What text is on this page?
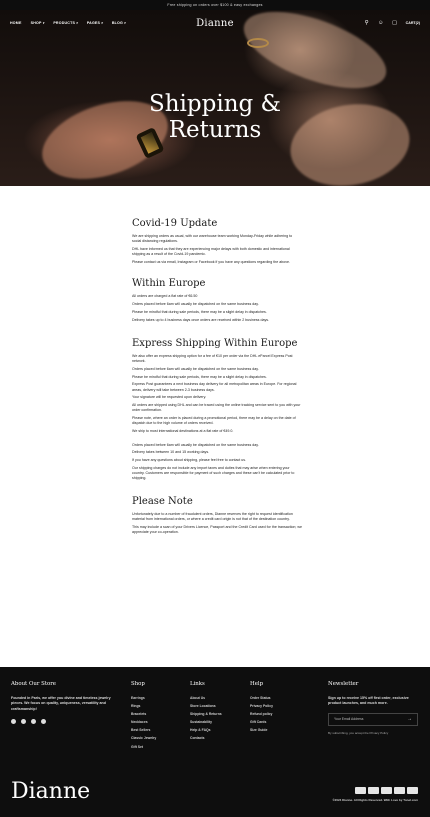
Free shipping on orders over $100 & easy exchanges
HOME	SHOP ▾	PRODUCTS ▾	PAGES ▾	BLOG ▾	Dianne	⚲ ☺ ▢ CART(2)
Shipping &
Returns
Covid-19 Update

We are shipping orders as usual, with our warehouse team working Monday-Friday while adhering to social distancing regulations.

DHL have informed us that they are experiencing major delays with both domestic and international shipping as a result of the Covid-19 pandemic.

Please contact us via email, Instagram or Facebook if you have any questions regarding the above.

Within Europe

All orders are charged a flat rate of €6.50

Orders placed before 6am will usually be dispatched on the same business day.

Please be mindful that during sale periods, there may be a slight delay in dispatches.

Delivery takes up to 4 business days once orders are received within 2 business days.

Express Shipping Within Europe

We also offer an express shipping option for a fee of €10 per order via the DHL eParcel Express Post network.

Orders placed before 6am will usually be dispatched on the same business day.

Please be mindful that during sale periods, there may be a slight delay in dispatches.

Express Post guarantees a next business day delivery for all metropolitan areas in Europe. For regional areas, delivery will take between 2-3 business days.

Your signature will be requested upon delivery.

All orders are shipped using DHL and can be traced using the online tracking service sent to you with your order confirmation.

Please note, where an order is placed during a promotional period, there may be a delay on the date of dispatch due to the high volume of orders received.

We ship to most international destinations at a flat rate of €49.0.

Orders placed before 6am will usually be dispatched on the same business day.

Delivery takes between 10 and 15 working days.

If you have any questions about shipping, please feel free to contact us.

Our shipping charges do not include any import taxes and duties that may arise when entering your country. Customers are responsible for payment of such charges and these can't be calculated prior to shipping.

Please Note

Unfortunately due to a number of fraudulent orders, Dianne reserves the right to request identification material from international orders, or where a credit card origin is not that of the destination country.

This may include a scan of your Drivers Licence, Passport and the Credit Card used for the transaction; we appreciate your co-operation.

About Our Store
Founded in Paris, we offer you divine and timeless jewelry pieces. We focus on quality, uniqueness, versatility and craftsmanship!
Shop
Earrings
Rings
Bracelets
Necklaces
Best Sellers
Classic Jewelry
Gift Set
Links
About Us
Store Locations
Shipping & Returns
Sustainability
Help & FAQs
Contacts
Help
Order Status
Privacy Policy
Refund policy
Gift Cards
Size Guide
Newsletter
Sign up to receive 15% off first order, exclusive product launches, and much more.
Your Email Address	→
By subscribing, you accept the Privacy Policy
Dianne	©2024 Dianne. All Rights Reserved. With Love by Tonel.com
